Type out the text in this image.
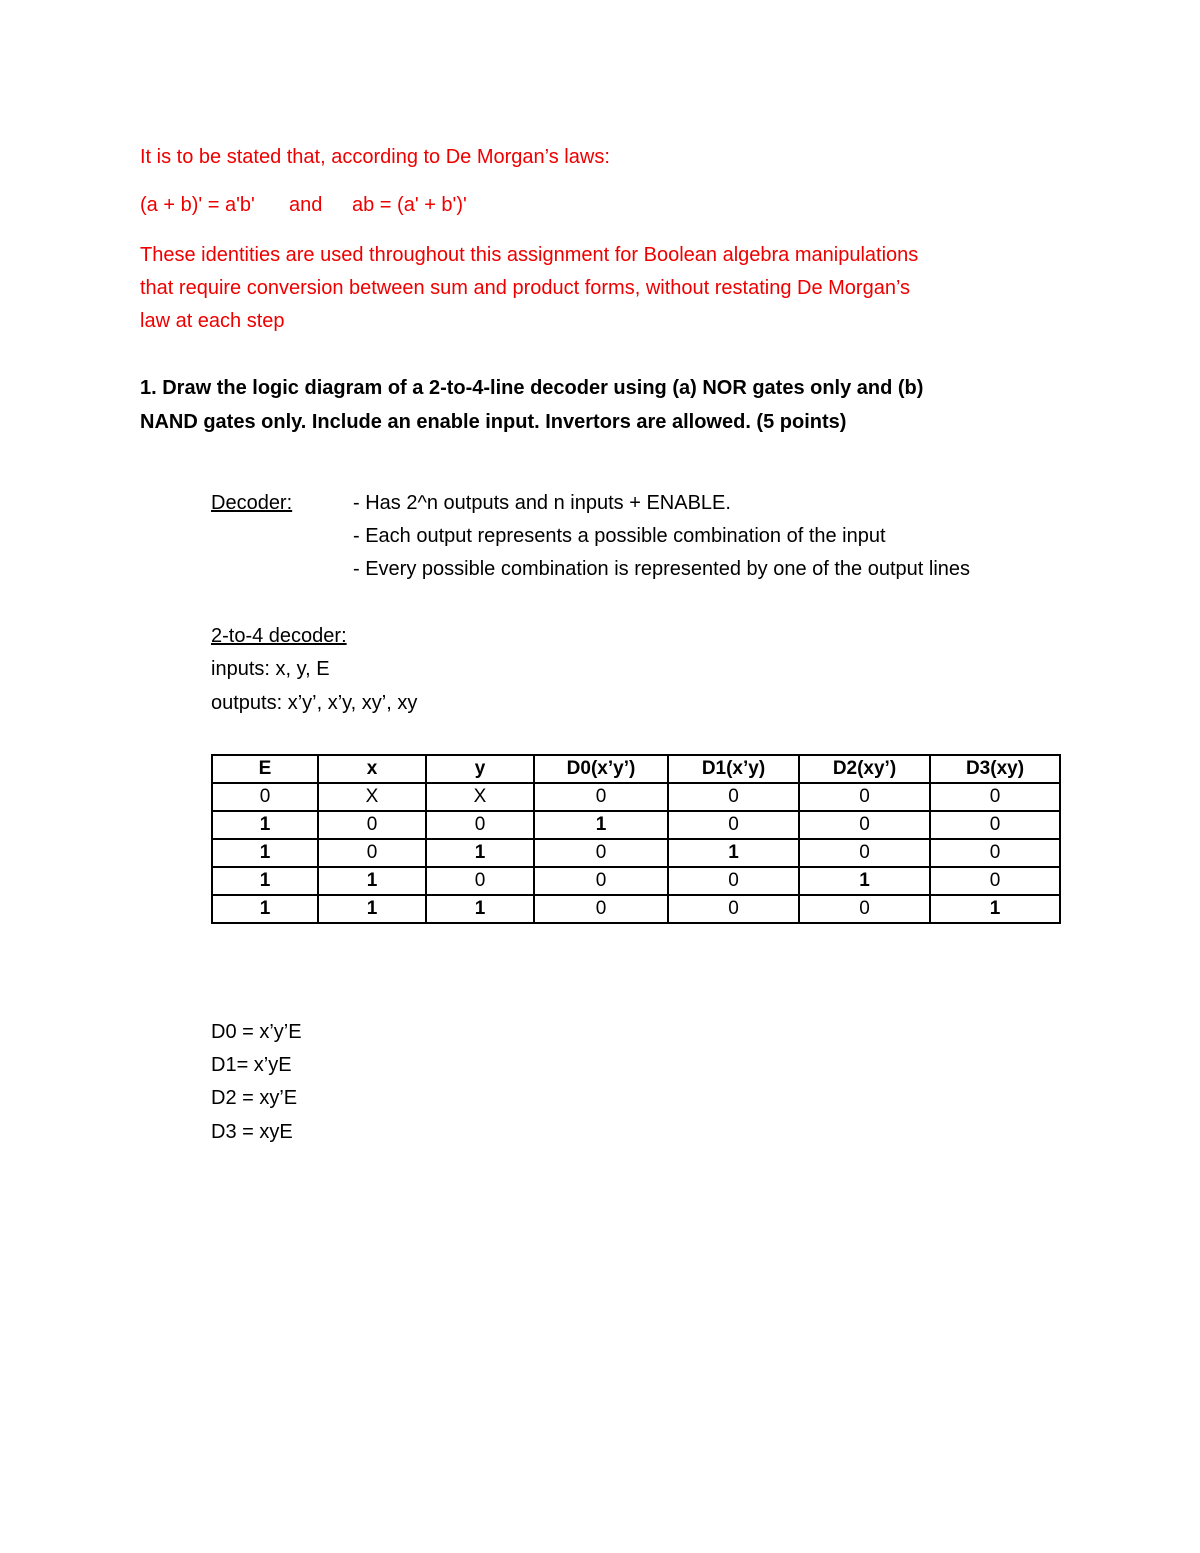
It is to be stated that, according to De Morgan’s laws:
(a + b)' = a'b' and ab = (a' + b')'
These identities are used throughout this assignment for Boolean algebra manipulations
that require conversion between sum and product forms, without restating De Morgan’s
law at each step
1. Draw the logic diagram of a 2-to-4-line decoder using (a) NOR gates only and (b)
NAND gates only. Include an enable input. Invertors are allowed. (5 points)
Decoder:	- Has 2^n outputs and n inputs + ENABLE.
- Each output represents a possible combination of the input
- Every possible combination is represented by one of the output lines
2-to-4 decoder:
inputs: x, y, E
outputs: x’y’, x’y, xy’, xy
E	x	y	D0(x’y’)	D1(x’y)	D2(xy’)	D3(xy)
0	X	X	0	0	0	0
1	0	0	1	0	0	0
1	0	1	0	1	0	0
1	1	0	0	0	1	0
1	1	1	0	0	0	1
D0 = x’y’E
D1= x’yE
D2 = xy’E
D3 = xyE
